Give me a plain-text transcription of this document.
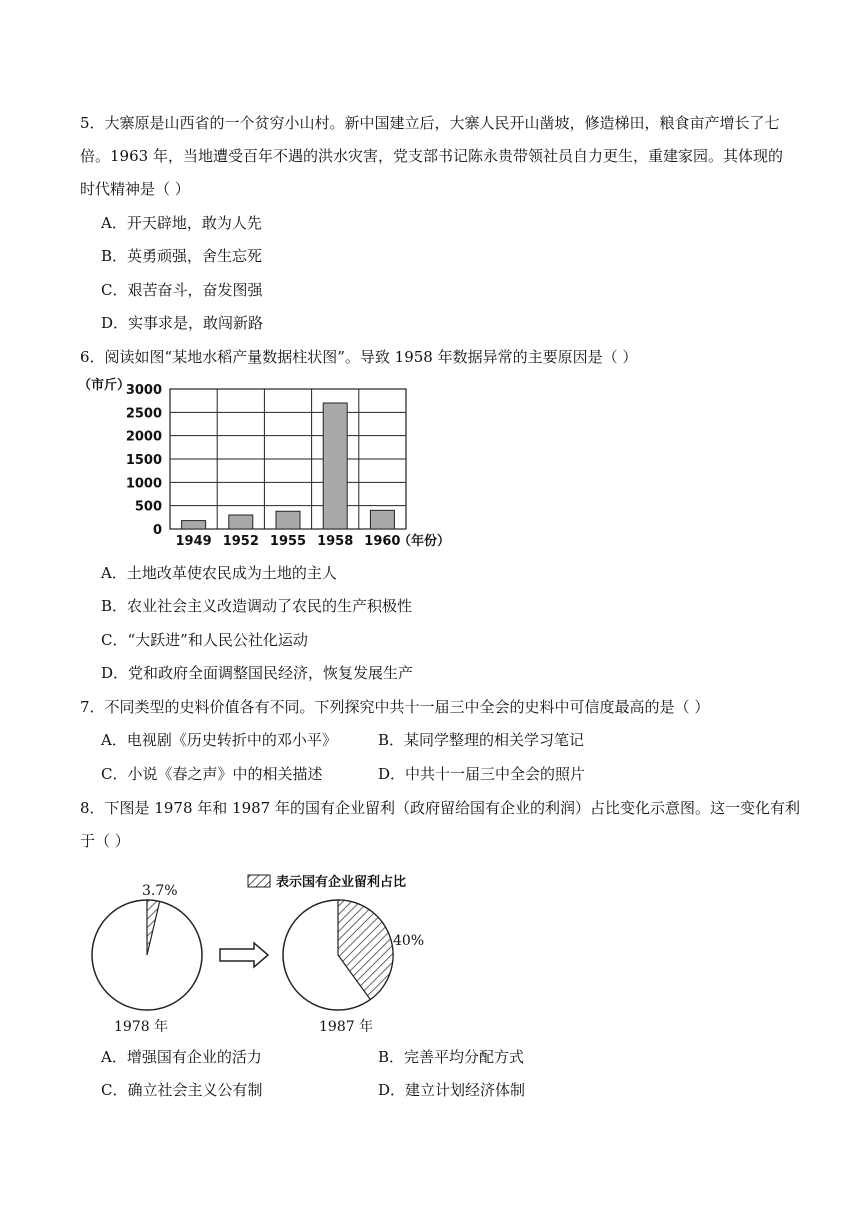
5．大寨原是山西省的一个贫穷小山村。新中国建立后，大寨人民开山凿坡，修造梯田，粮食亩产增长了七
倍。1963 年，当地遭受百年不遇的洪水灾害，党支部书记陈永贵带领社员自力更生，重建家园。其体现的
时代精神是（ ）
A．开天辟地，敢为人先
B．英勇顽强，舍生忘死
C．艰苦奋斗，奋发图强
D．实事求是，敢闯新路
6．阅读如图“某地水稻产量数据柱状图”。导致 1958 年数据异常的主要原因是（ ）
（市斤）
0
500
1000
1500
2000
2500
3000
1949 1952 1955 1958 1960
（年份）
A．土地改革使农民成为土地的主人
B．农业社会主义改造调动了农民的生产积极性
C．“大跃进”和人民公社化运动
D．党和政府全面调整国民经济，恢复发展生产
7．不同类型的史料价值各有不同。下列探究中共十一届三中全会的史料中可信度最高的是（ ）
A．电视剧《历史转折中的邓小平》	B．某同学整理的相关学习笔记
C．小说《春之声》中的相关描述	D．中共十一届三中全会的照片
8．下图是 1978 年和 1987 年的国有企业留利（政府留给国有企业的利润）占比变化示意图。这一变化有利
于（ ）
表示国有企业留利占比
3.7%
40%
1978 年	1987 年
A．增强国有企业的活力	B．完善平均分配方式
C．确立社会主义公有制	D．建立计划经济体制
